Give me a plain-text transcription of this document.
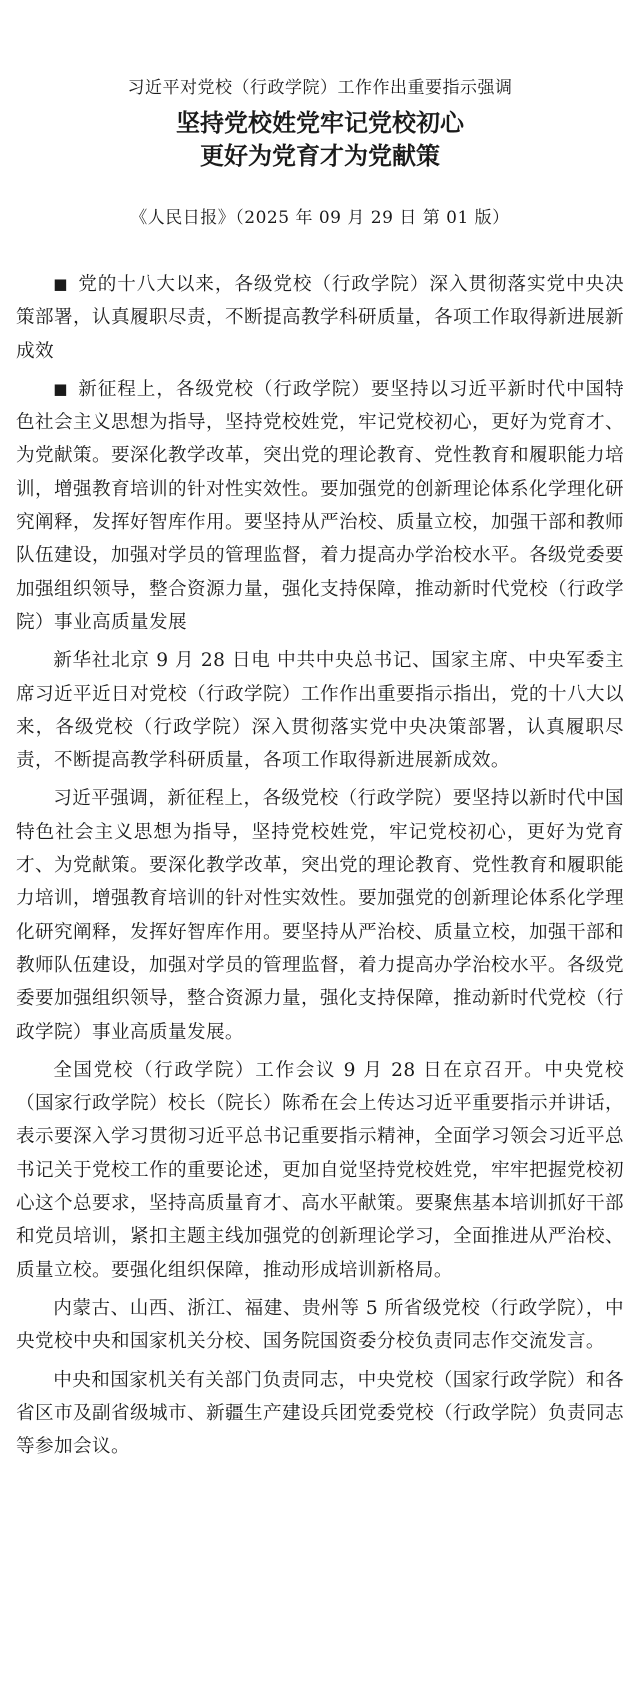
习近平对党校（行政学院）工作作出重要指示强调
坚持党校姓党牢记党校初心
更好为党育才为党献策
《人民日报》（2025 年 09 月 29 日 第 01 版）

■ 党的十八大以来，各级党校（行政学院）深入贯彻落实党中央决策部署，认真履职尽责，不断提高教学科研质量，各项工作取得新进展新成效

■ 新征程上，各级党校（行政学院）要坚持以习近平新时代中国特色社会主义思想为指导，坚持党校姓党，牢记党校初心，更好为党育才、为党献策。要深化教学改革，突出党的理论教育、党性教育和履职能力培训，增强教育培训的针对性实效性。要加强党的创新理论体系化学理化研究阐释，发挥好智库作用。要坚持从严治校、质量立校，加强干部和教师队伍建设，加强对学员的管理监督，着力提高办学治校水平。各级党委要加强组织领导，整合资源力量，强化支持保障，推动新时代党校（行政学院）事业高质量发展

新华社北京 9 月 28 日电 中共中央总书记、国家主席、中央军委主席习近平近日对党校（行政学院）工作作出重要指示指出，党的十八大以来，各级党校（行政学院）深入贯彻落实党中央决策部署，认真履职尽责，不断提高教学科研质量，各项工作取得新进展新成效。

习近平强调，新征程上，各级党校（行政学院）要坚持以新时代中国特色社会主义思想为指导，坚持党校姓党，牢记党校初心，更好为党育才、为党献策。要深化教学改革，突出党的理论教育、党性教育和履职能力培训，增强教育培训的针对性实效性。要加强党的创新理论体系化学理化研究阐释，发挥好智库作用。要坚持从严治校、质量立校，加强干部和教师队伍建设，加强对学员的管理监督，着力提高办学治校水平。各级党委要加强组织领导，整合资源力量，强化支持保障，推动新时代党校（行政学院）事业高质量发展。

全国党校（行政学院）工作会议 9 月 28 日在京召开。中央党校（国家行政学院）校长（院长）陈希在会上传达习近平重要指示并讲话，表示要深入学习贯彻习近平总书记重要指示精神，全面学习领会习近平总书记关于党校工作的重要论述，更加自觉坚持党校姓党，牢牢把握党校初心这个总要求，坚持高质量育才、高水平献策。要聚焦基本培训抓好干部和党员培训，紧扣主题主线加强党的创新理论学习，全面推进从严治校、质量立校。要强化组织保障，推动形成培训新格局。

内蒙古、山西、浙江、福建、贵州等 5 所省级党校（行政学院），中央党校中央和国家机关分校、国务院国资委分校负责同志作交流发言。

中央和国家机关有关部门负责同志，中央党校（国家行政学院）和各省区市及副省级城市、新疆生产建设兵团党委党校（行政学院）负责同志等参加会议。
